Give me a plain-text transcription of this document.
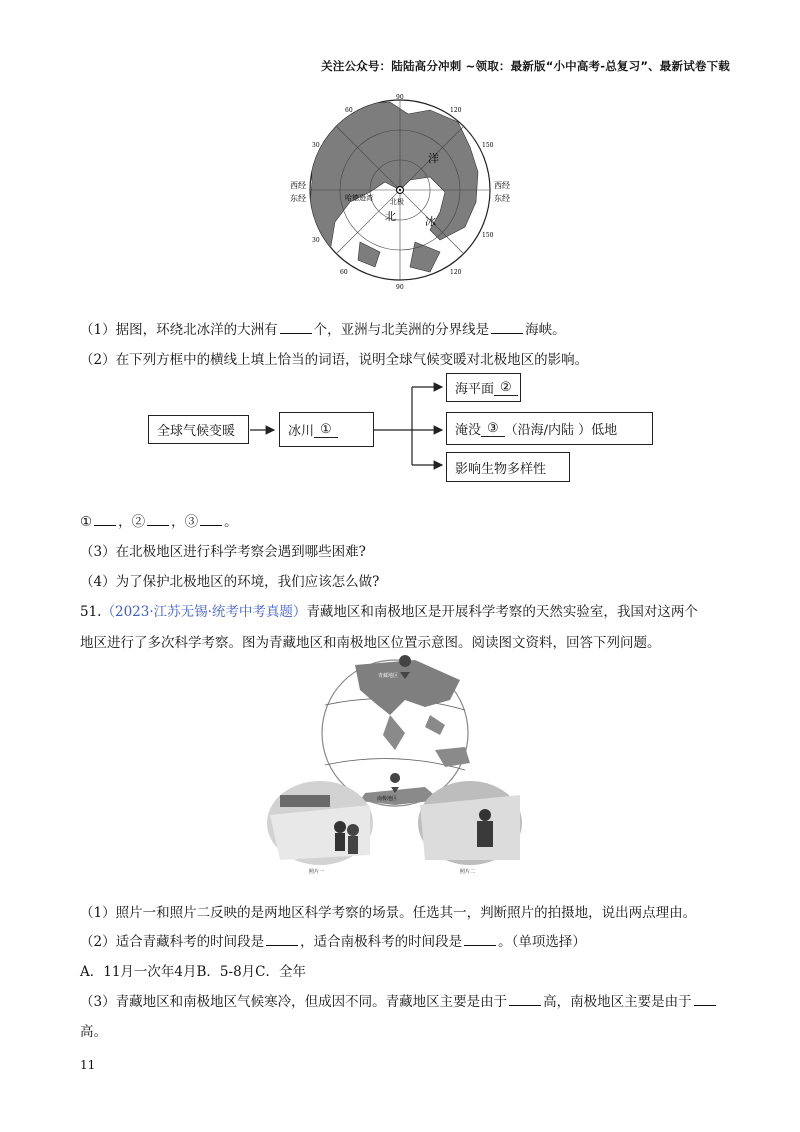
关注公众号：陆陆高分冲刺 ~领取：最新版“小中高考-总复习”、最新试卷下载
西经
东经
西经
东经
洋
北	冰
北极
哈德逊湾
90
120
150
150
120
90
60
30
30
60
（1）据图，环绕北冰洋的大洲有	个，亚洲与北美洲的分界线是	海峡。
（2）在下列方框中的横线上填上恰当的词语，说明全球气候变暖对北极地区的影响。
全球气候变暖	冰川 ①
海平面 ②
淹没 ③ （沿海/内陆 ）低地
影响生物多样性
① ，② ，③ 。
（3）在北极地区进行科学考察会遇到哪些困难?
（4）为了保护北极地区的环境，我们应该怎么做?
51.（2023·江苏无锡·统考中考真题）青藏地区和南极地区是开展科学考察的天然实验室，我国对这两个
地区进行了多次科学考察。图为青藏地区和南极地区位置示意图。阅读图文资料，回答下列问题。
青藏地区
南极地区
照片一	照片二
（1）照片一和照片二反映的是两地区科学考察的场景。任选其一，判断照片的拍摄地，说出两点理由。
（2）适合青藏科考的时间段是	，适合南极科考的时间段是	。（单项选择）
A．11月一次年4月B．5-8月C．全年
（3）青藏地区和南极地区气候寒冷，但成因不同。青藏地区主要是由于	高，南极地区主要是由于
高。
11
